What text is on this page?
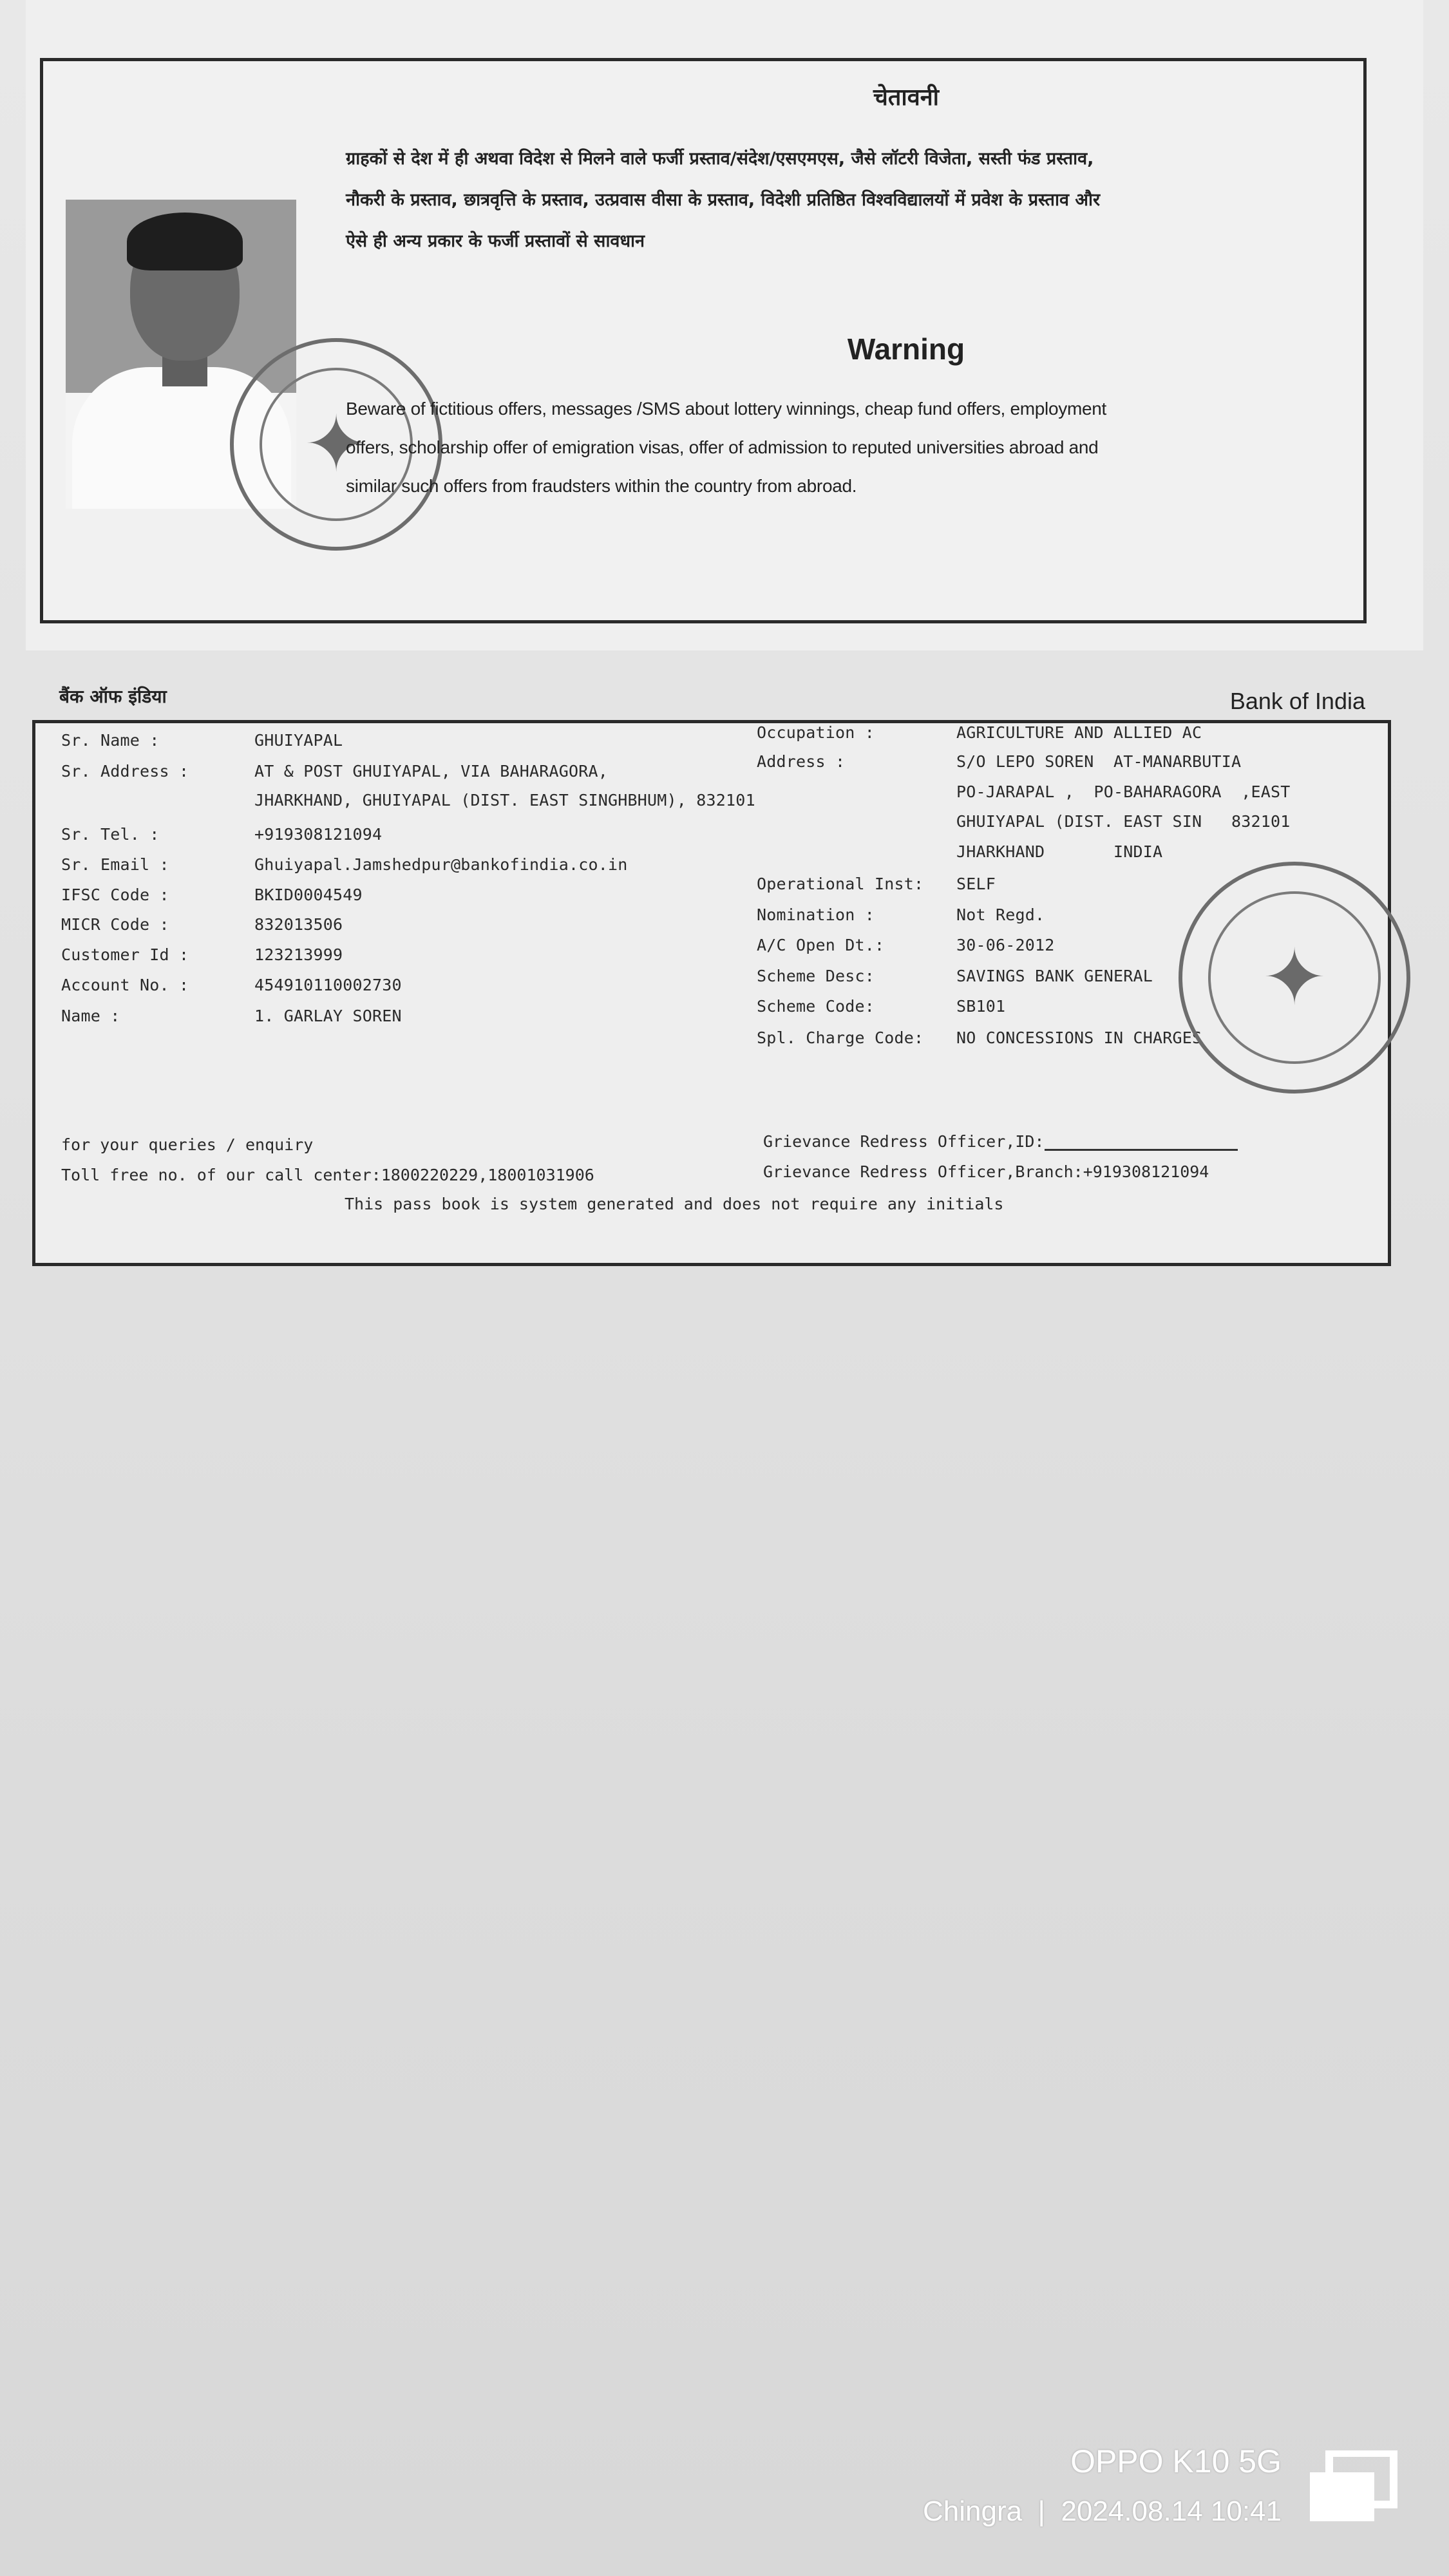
चेतावनी
ग्राहकों से देश में ही अथवा विदेश से मिलने वाले फर्जी प्रस्ताव/संदेश/एसएमएस, जैसे लॉटरी विजेता, सस्ती फंड प्रस्ताव,
नौकरी के प्रस्ताव, छात्रवृत्ति के प्रस्ताव, उत्प्रवास वीसा के प्रस्ताव, विदेशी प्रतिष्ठित विश्वविद्यालयों में प्रवेश के प्रस्ताव और
ऐसे ही अन्य प्रकार के फर्जी प्रस्तावों से सावधान
✦
Warning
Beware of fictitious offers, messages /SMS about lottery winnings, cheap fund offers, employment
offers, scholarship offer of emigration visas, offer of admission to reputed universities abroad and
similar such offers from fraudsters within the country from abroad.
बैंक ऑफ इंडिया	Bank of India
Sr. Name :	GHUIYAPAL
Sr. Address :	AT & POST GHUIYAPAL, VIA BAHARAGORA,
JHARKHAND, GHUIYAPAL (DIST. EAST SINGHBHUM), 832101
Sr. Tel. :	+919308121094
Sr. Email :	Ghuiyapal.Jamshedpur@bankofindia.co.in
IFSC Code :	BKID0004549
MICR Code :	832013506
Customer Id :	123213999
Account No. :	454910110002730
Name :	1. GARLAY SOREN
Occupation :	AGRICULTURE AND ALLIED AC
Address :	S/O LEPO SOREN  AT-MANARBUTIA
PO-JARAPAL ,  PO-BAHARAGORA  ,EAST
GHUIYAPAL (DIST. EAST SIN   832101
JHARKHAND       INDIA
Operational Inst: SELF
Nomination :	Not Regd.
A/C Open Dt.:	30-06-2012
Scheme Desc:	SAVINGS BANK GENERAL
Scheme Code:	SB101
Spl. Charge Code: NO CONCESSIONS IN CHARGES
for your queries / enquiry
Toll free no. of our call center:1800220229,18001031906
Grievance Redress Officer,ID:
Grievance Redress Officer,Branch:+919308121094
This pass book is system generated and does not require any initials
✦
OPPO K10 5G
Chingra  |  2024.08.14 10:41
